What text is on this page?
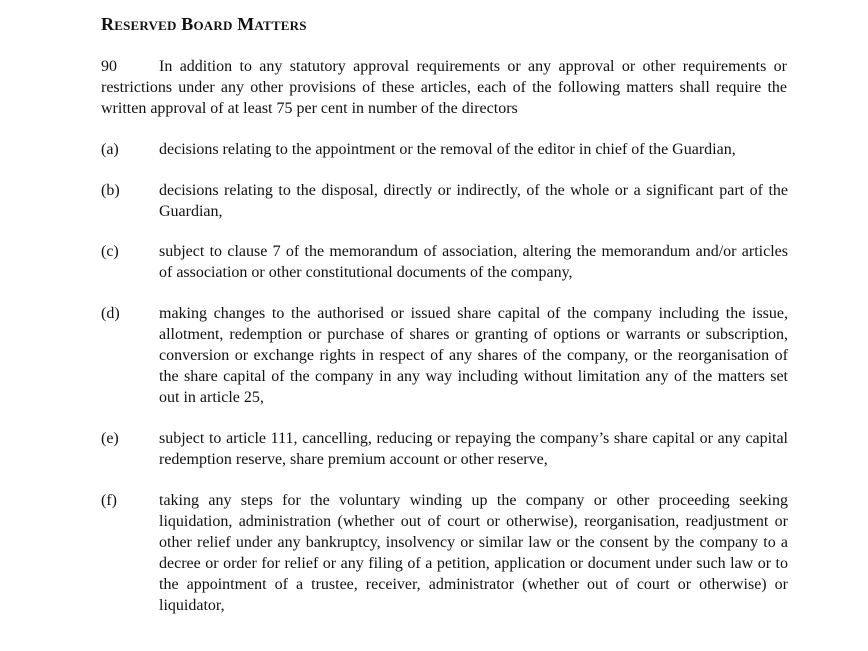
Reserved Board Matters
90	In addition to any statutory approval requirements or any approval or other requirements or restrictions under any other provisions of these articles, each of the following matters shall require the written approval of at least 75 per cent in number of the directors
(a)	decisions relating to the appointment or the removal of the editor in chief of the Guardian,
(b)	decisions relating to the disposal, directly or indirectly, of the whole or a significant part of the Guardian,
(c)	subject to clause 7 of the memorandum of association, altering the memorandum and/or articles of association or other constitutional documents of the company,
(d)	making changes to the authorised or issued share capital of the company including the issue, allotment, redemption or purchase of shares or granting of options or warrants or subscription, conversion or exchange rights in respect of any shares of the company, or the reorganisation of the share capital of the company in any way including without limitation any of the matters set out in article 25,
(e)	subject to article 111, cancelling, reducing or repaying the company’s share capital or any capital redemption reserve, share premium account or other reserve,
(f)	taking any steps for the voluntary winding up the company or other proceeding seeking liquidation, administration (whether out of court or otherwise), reorganisation, readjustment or other relief under any bankruptcy, insolvency or similar law or the consent by the company to a decree or order for relief or any filing of a petition, application or document under such law or to the appointment of a trustee, receiver, administrator (whether out of court or otherwise) or liquidator,
